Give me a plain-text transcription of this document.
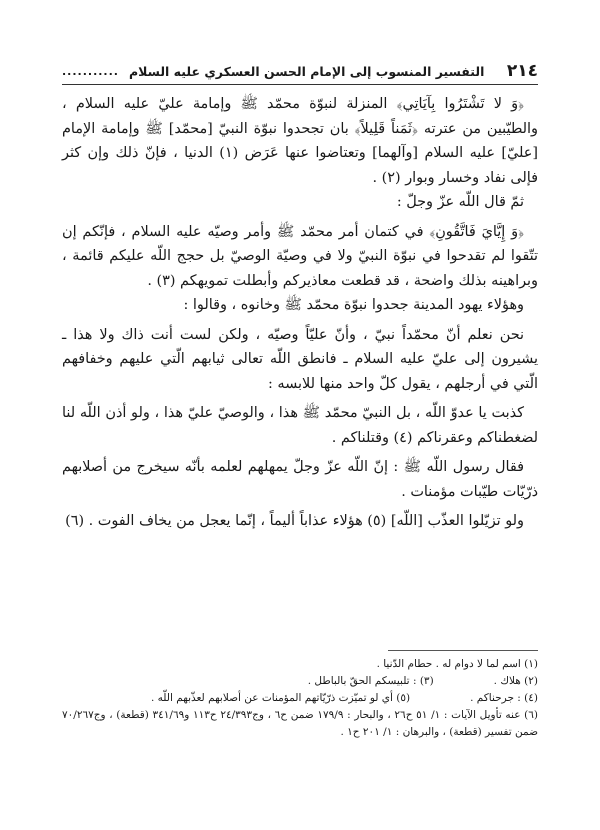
٢١٤
التفسير المنسوب إلى الإمام الحسن العسكري عليه السلام
...........

﴿وَ لا تَشْتَرُوا بِآيَاتِي﴾ المنزلة لنبوّة محمّد ﷺ وإمامة عليّ عليه السلام ، والطيّبين من عترته ﴿ثَمَناً قَلِيلاً﴾ بان تجحدوا نبوّة النبيّ [محمّد] ﷺ وإمامة الإمام [عليّ] عليه السلام [وآلهما] وتعتاضوا عنها عَرَض (١) الدنيا ، فإنّ ذلك وإن كثر فإلى نفاد وخسار وبوار (٢) .

ثمّ قال اللّه عزّ وجلّ :

﴿وَ إِيَّايَ فَاتَّقُونِ﴾ في كتمان أمر محمّد ﷺ وأمر وصيّه عليه السلام ، فإنّكم إن تتّقوا لم تقدحوا في نبوّة النبيّ ولا في وصيّة الوصيّ بل حجج اللّه عليكم قائمة ، وبراهينه بذلك واضحة ، قد قطعت معاذيركم وأبطلت تمويهكم (٣) .

وهؤلاء يهود المدينة جحدوا نبوّة محمّد ﷺ وخانوه ، وقالوا :

نحن نعلم أنّ محمّداً نبيّ ، وأنّ عليّاً وصيّه ، ولكن لست أنت ذاك ولا هذا ـ يشيرون إلى عليّ عليه السلام ـ فانطق اللّه تعالى ثيابهم الّتي عليهم وخفافهم الّتي في أرجلهم ، يقول كلّ واحد منها للابسه :

كذبت يا عدوّ اللّه ، بل النبيّ محمّد ﷺ هذا ، والوصيّ عليّ هذا ، ولو أذن اللّه لنا لضغطناكم وعقرناكم (٤) وقتلناكم .

فقال رسول اللّه ﷺ : إنّ اللّه عزّ وجلّ يمهلهم لعلمه بأنّه سيخرج من أصلابهم ذرّيّات طيّبات مؤمنات .

ولو تزيّلوا العذّب [اللّه] (٥) هؤلاء عذاباً أليماً ، إنّما يعجل من يخاف الفوت . (٦)

(١) اسم لما لا دوام له . حطام الدّنيا .
(٢) هلاك .
(٣) : تلبيسكم الحقّ بالباطل .
(٤) : جرحناكم .
(٥) أي لو تميّزت ذرّيّاتهم المؤمنات عن أصلابهم لعذّبهم اللّه .
(٦) عنه تأويل الآيات : ١/ ٥١ ح٢٦ ، والبحار : ١٧٩/٩ ضمن ح٦ ، وج٢٤/٣٩٣ ح١١٣ و٣٤١/٦٩ (قطعة) ، وج٧٠/٢٦٧ ضمن تفسير (قطعة) ، والبرهان : ١/ ٢٠١ ح١ .
